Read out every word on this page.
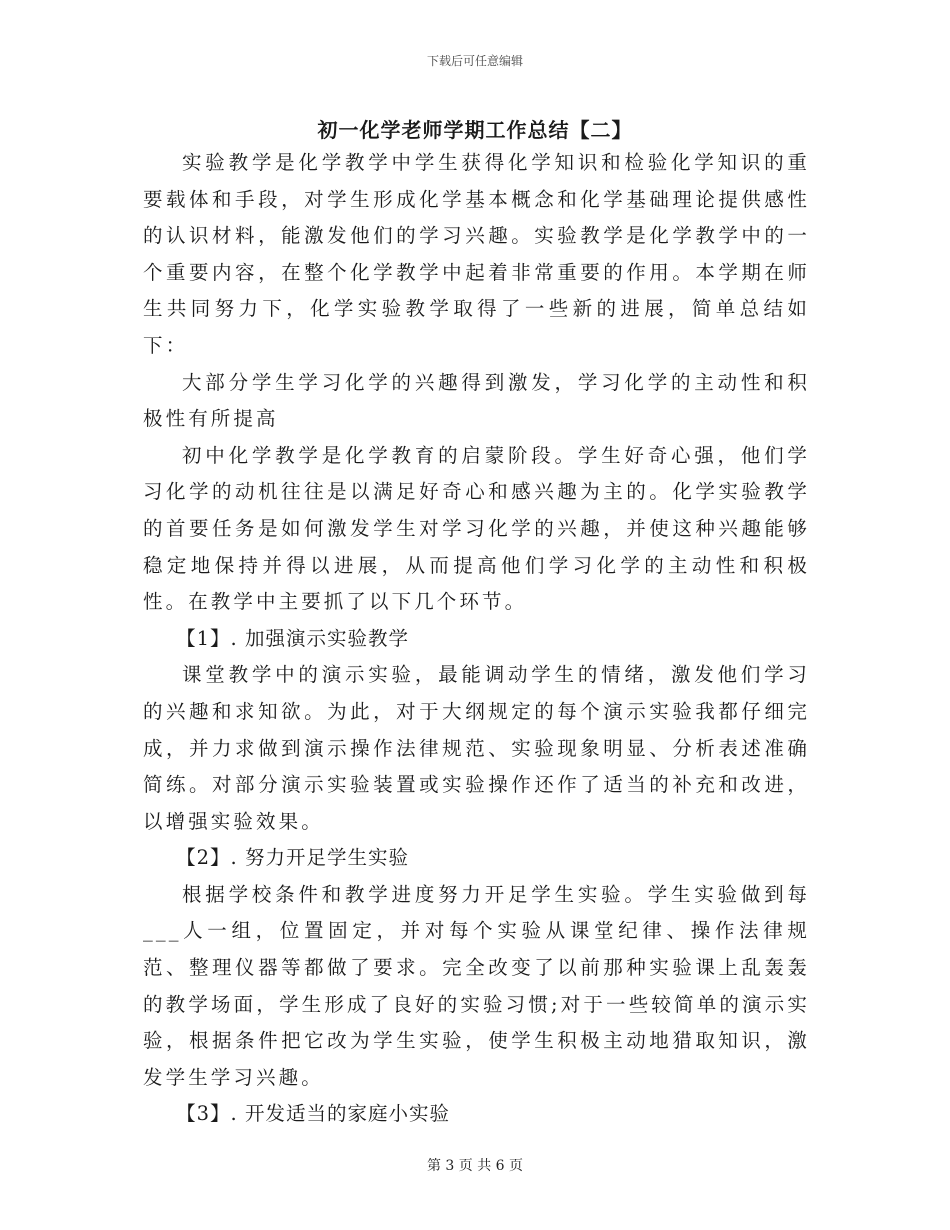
下载后可任意编辑
初一化学老师学期工作总结【二】

实验教学是化学教学中学生获得化学知识和检验化学知识的重要载体和手段，对学生形成化学基本概念和化学基础理论提供感性的认识材料，能激发他们的学习兴趣。实验教学是化学教学中的一个重要内容，在整个化学教学中起着非常重要的作用。本学期在师生共同努力下，化学实验教学取得了一些新的进展，简单总结如下：

大部分学生学习化学的兴趣得到激发，学习化学的主动性和积极性有所提高

初中化学教学是化学教育的启蒙阶段。学生好奇心强，他们学习化学的动机往往是以满足好奇心和感兴趣为主的。化学实验教学的首要任务是如何激发学生对学习化学的兴趣，并使这种兴趣能够稳定地保持并得以进展，从而提高他们学习化学的主动性和积极性。在教学中主要抓了以下几个环节。

【1】. 加强演示实验教学

课堂教学中的演示实验，最能调动学生的情绪，激发他们学习的兴趣和求知欲。为此，对于大纲规定的每个演示实验我都仔细完成，并力求做到演示操作法律规范、实验现象明显、分析表述准确简练。对部分演示实验装置或实验操作还作了适当的补充和改进，以增强实验效果。

【2】. 努力开足学生实验

根据学校条件和教学进度努力开足学生实验。学生实验做到每___人一组，位置固定，并对每个实验从课堂纪律、操作法律规范、整理仪器等都做了要求。完全改变了以前那种实验课上乱轰轰的教学场面，学生形成了良好的实验习惯;对于一些较简单的演示实验，根据条件把它改为学生实验，使学生积极主动地猎取知识，激发学生学习兴趣。

【3】. 开发适当的家庭小实验

第 3 页 共 6 页
